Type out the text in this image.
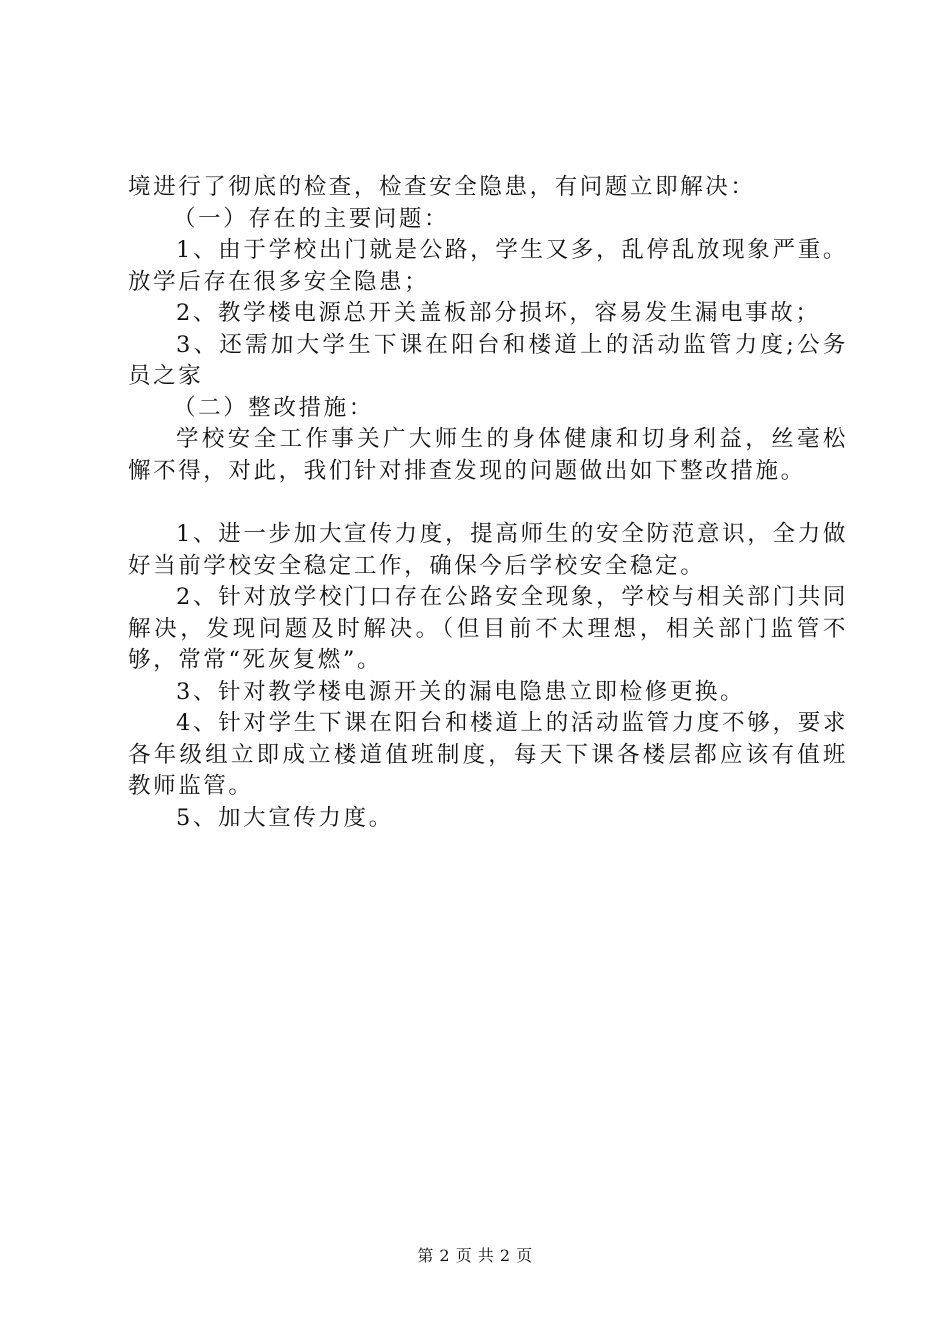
境进行了彻底的检查，检查安全隐患，有问题立即解决：

（一）存在的主要问题：

1、由于学校出门就是公路，学生又多，乱停乱放现象严重。放学后存在很多安全隐患；

2、教学楼电源总开关盖板部分损坏，容易发生漏电事故；

3、还需加大学生下课在阳台和楼道上的活动监管力度;公务员之家

（二）整改措施：

学校安全工作事关广大师生的身体健康和切身利益，丝毫松懈不得，对此，我们针对排查发现的问题做出如下整改措施。

1、进一步加大宣传力度，提高师生的安全防范意识，全力做好当前学校安全稳定工作，确保今后学校安全稳定。

2、针对放学校门口存在公路安全现象，学校与相关部门共同解决，发现问题及时解决。（但目前不太理想，相关部门监管不够，常常“死灰复燃”。

3、针对教学楼电源开关的漏电隐患立即检修更换。

4、针对学生下课在阳台和楼道上的活动监管力度不够，要求各年级组立即成立楼道值班制度，每天下课各楼层都应该有值班教师监管。

5、加大宣传力度。

第 2 页 共 2 页
